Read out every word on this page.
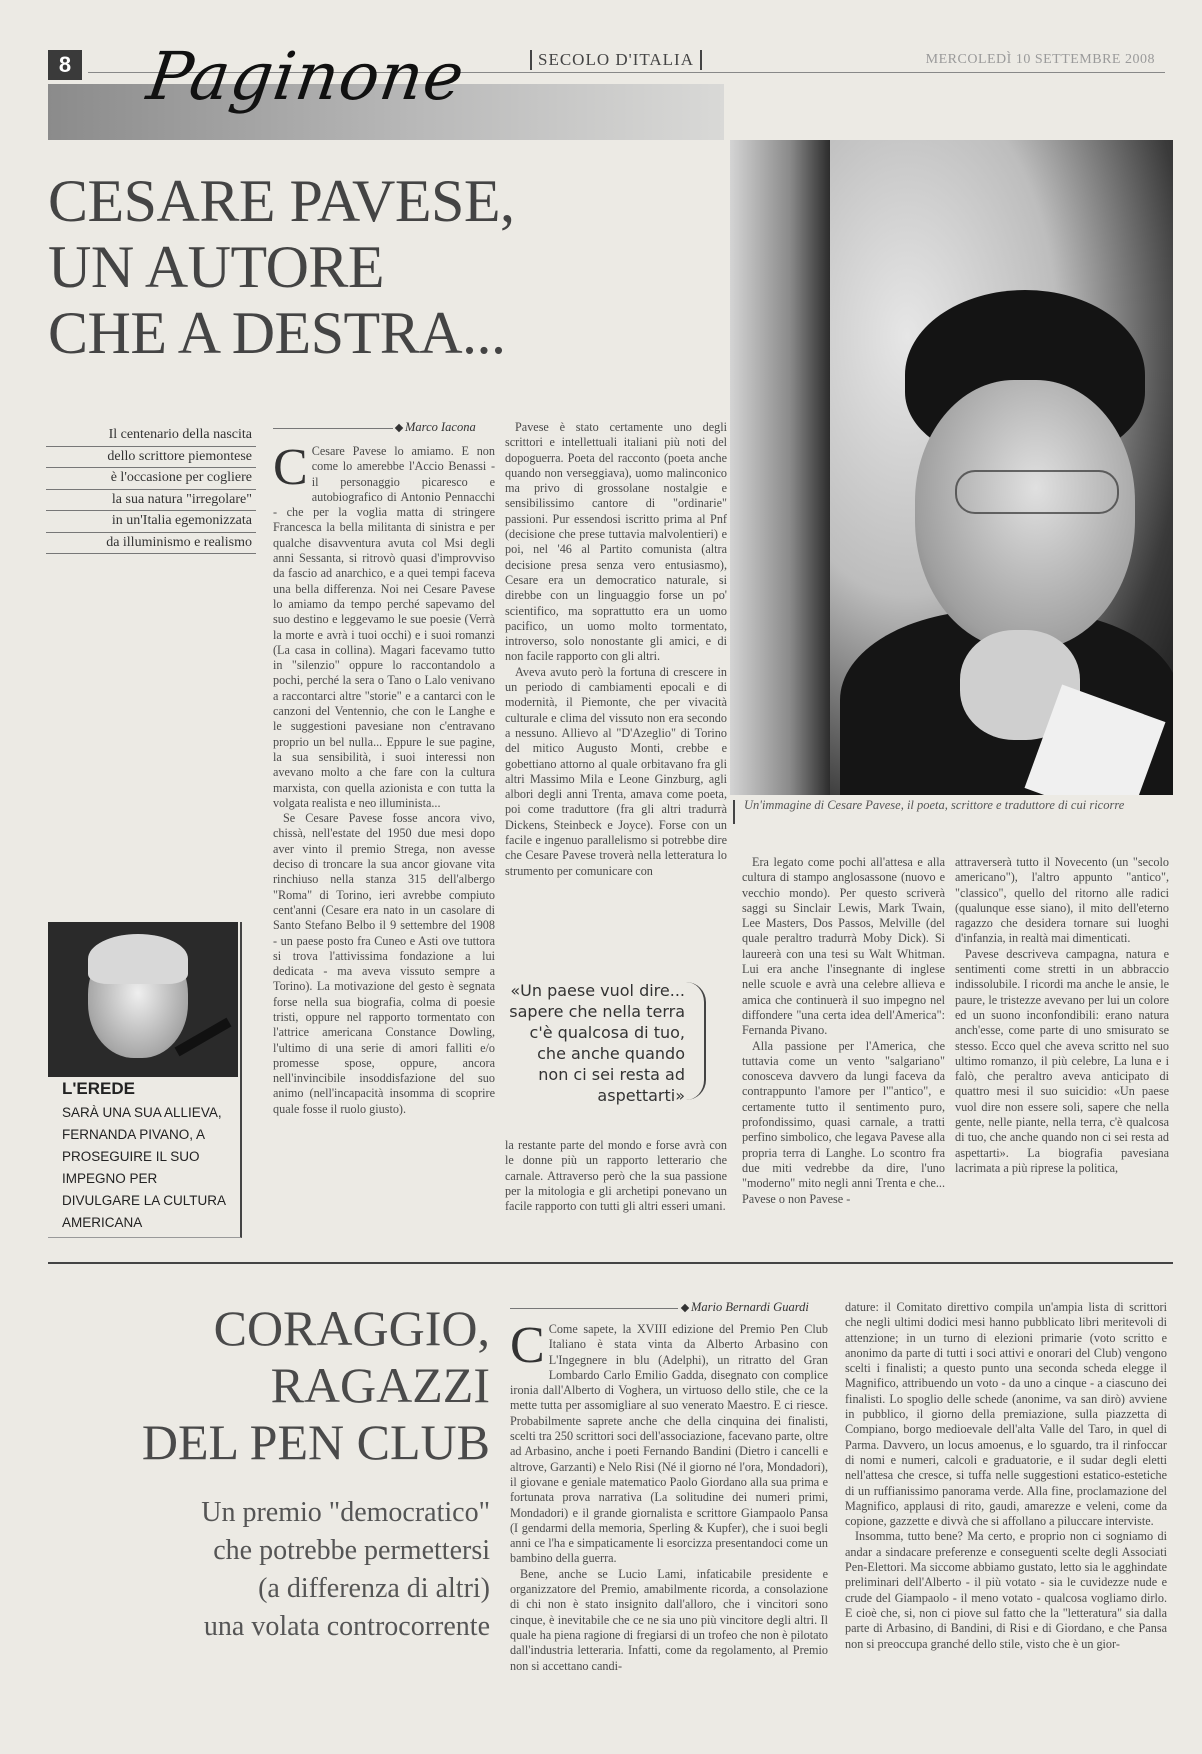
8	SECOLO D'ITALIA	MERCOLEDÌ 10 SETTEMBRE 2008
Paginone
CESARE PAVESE,
UN AUTORE
CHE A DESTRA...
Un'immagine di Cesare Pavese, il poeta, scrittore e traduttore di cui ricorre
Il centenario della nascita
dello scrittore piemontese
è l'occasione per cogliere
la sua natura "irregolare"
in un'Italia egemonizzata
da illuminismo e realismo
Marco Iacona

C Cesare Pavese lo amiamo. E non come lo amerebbe l'Accio Benassi - il personaggio picaresco e autobiografico di Antonio Pennacchi - che per la voglia matta di stringere Francesca la bella militanta di sinistra e per qualche disavventura avuta col Msi degli anni Sessanta, si ritrovò quasi d'improvviso da fascio ad anarchico, e a quei tempi faceva una bella differenza. Noi nei Cesare Pavese lo amiamo da tempo perché sapevamo del suo destino e leggevamo le sue poesie (Verrà la morte e avrà i tuoi occhi) e i suoi romanzi (La casa in collina). Magari facevamo tutto in "silenzio" oppure lo raccontandolo a pochi, perché la sera o Tano o Lalo venivano a raccontarci altre "storie" e a cantarci con le canzoni del Ventennio, che con le Langhe e le suggestioni pavesiane non c'entravano proprio un bel nulla... Eppure le sue pagine, la sua sensibilità, i suoi interessi non avevano molto a che fare con la cultura marxista, con quella azionista e con tutta la volgata realista e neo illuminista...

Se Cesare Pavese fosse ancora vivo, chissà, nell'estate del 1950 due mesi dopo aver vinto il premio Strega, non avesse deciso di troncare la sua ancor giovane vita rinchiuso nella stanza 315 dell'albergo "Roma" di Torino, ieri avrebbe compiuto cent'anni (Cesare era nato in un casolare di Santo Stefano Belbo il 9 settembre del 1908 - un paese posto fra Cuneo e Asti ove tuttora si trova l'attivissima fondazione a lui dedicata - ma aveva vissuto sempre a Torino). La motivazione del gesto è segnata forse nella sua biografia, colma di poesie tristi, oppure nel rapporto tormentato con l'attrice americana Constance Dowling, l'ultimo di una serie di amori falliti e/o promesse spose, oppure, ancora nell'invincibile insoddisfazione del suo animo (nell'incapacità insomma di scoprire quale fosse il ruolo giusto).

Pavese è stato certamente uno degli scrittori e intellettuali italiani più noti del dopoguerra. Poeta del racconto (poeta anche quando non verseggiava), uomo malinconico ma privo di grossolane nostalgie e sensibilissimo cantore di "ordinarie" passioni. Pur essendosi iscritto prima al Pnf (decisione che prese tuttavia malvolentieri) e poi, nel '46 al Partito comunista (altra decisione presa senza vero entusiasmo), Cesare era un democratico naturale, si direbbe con un linguaggio forse un po' scientifico, ma soprattutto era un uomo pacifico, un uomo molto tormentato, introverso, solo nonostante gli amici, e di non facile rapporto con gli altri.

Aveva avuto però la fortuna di crescere in un periodo di cambiamenti epocali e di modernità, il Piemonte, che per vivacità culturale e clima del vissuto non era secondo a nessuno. Allievo al "D'Azeglio" di Torino del mitico Augusto Monti, crebbe e gobettiano attorno al quale orbitavano fra gli altri Massimo Mila e Leone Ginzburg, agli albori degli anni Trenta, amava come poeta, poi come traduttore (fra gli altri tradurrà Dickens, Steinbeck e Joyce). Forse con un facile e ingenuo parallelismo si potrebbe dire che Cesare Pavese troverà nella letteratura lo strumento per comunicare con

«Un paese vuol dire... sapere che nella terra c'è qualcosa di tuo, che anche quando non ci sei resta ad aspettarti»

la restante parte del mondo e forse avrà con le donne più un rapporto letterario che carnale. Attraverso però che la sua passione per la mitologia e gli archetipi ponevano un facile rapporto con tutti gli altri esseri umani.

Era legato come pochi all'attesa e alla cultura di stampo anglosassone (nuovo e vecchio mondo). Per questo scriverà saggi su Sinclair Lewis, Mark Twain, Lee Masters, Dos Passos, Melville (del quale peraltro tradurrà Moby Dick). Si laureerà con una tesi su Walt Whitman. Lui era anche l'insegnante di inglese nelle scuole e avrà una celebre allieva e amica che continuerà il suo impegno nel diffondere "una certa idea dell'America": Fernanda Pivano.

Alla passione per l'America, che tuttavia come un vento "salgariano" conosceva davvero da lungi faceva da contrappunto l'amore per l'"antico", e certamente tutto il sentimento puro, profondissimo, quasi carnale, a tratti perfino simbolico, che legava Pavese alla propria terra di Langhe. Lo scontro fra due miti vedrebbe da dire, l'uno "moderno" mito negli anni Trenta e che... Pavese o non Pavese -

attraverserà tutto il Novecento (un "secolo americano"), l'altro appunto "antico", "classico", quello del ritorno alle radici (qualunque esse siano), il mito dell'eterno ragazzo che desidera tornare sui luoghi d'infanzia, in realtà mai dimenticati.

Pavese descriveva campagna, natura e sentimenti come stretti in un abbraccio indissolubile. I ricordi ma anche le ansie, le paure, le tristezze avevano per lui un colore ed un suono inconfondibili: erano natura anch'esse, come parte di uno smisurato se stesso. Ecco quel che aveva scritto nel suo ultimo romanzo, il più celebre, La luna e i falò, che peraltro aveva anticipato di quattro mesi il suo suicidio: «Un paese vuol dire non essere soli, sapere che nella gente, nelle piante, nella terra, c'è qualcosa di tuo, che anche quando non ci sei resta ad aspettarti». La biografia pavesiana lacrimata a più riprese la politica,

L'EREDE
SARÀ UNA SUA ALLIEVA, FERNANDA PIVANO, A PROSEGUIRE IL SUO IMPEGNO PER DIVULGARE LA CULTURA AMERICANA
CORAGGIO,
RAGAZZI
DEL PEN CLUB
Un premio "democratico"
che potrebbe permettersi
(a differenza di altri)
una volata controcorrente
Mario Bernardi Guardi

C Come sapete, la XVIII edizione del Premio Pen Club Italiano è stata vinta da Alberto Arbasino con L'Ingegnere in blu (Adelphi), un ritratto del Gran Lombardo Carlo Emilio Gadda, disegnato con complice ironia dall'Alberto di Voghera, un virtuoso dello stile, che ce la mette tutta per assomigliare al suo venerato Maestro. E ci riesce. Probabilmente saprete anche che della cinquina dei finalisti, scelti tra 250 scrittori soci dell'associazione, facevano parte, oltre ad Arbasino, anche i poeti Fernando Bandini (Dietro i cancelli e altrove, Garzanti) e Nelo Risi (Né il giorno né l'ora, Mondadori), il giovane e geniale matematico Paolo Giordano alla sua prima e fortunata prova narrativa (La solitudine dei numeri primi, Mondadori) e il grande giornalista e scrittore Giampaolo Pansa (I gendarmi della memoria, Sperling & Kupfer), che i suoi begli anni ce l'ha e simpaticamente li esorcizza presentandoci come un bambino della guerra.

Bene, anche se Lucio Lami, infaticabile presidente e organizzatore del Premio, amabilmente ricorda, a consolazione di chi non è stato insignito dall'alloro, che i vincitori sono cinque, è inevitabile che ce ne sia uno più vincitore degli altri. Il quale ha piena ragione di fregiarsi di un trofeo che non è pilotato dall'industria letteraria. Infatti, come da regolamento, al Premio non si accettano candi-

dature: il Comitato direttivo compila un'ampia lista di scrittori che negli ultimi dodici mesi hanno pubblicato libri meritevoli di attenzione; in un turno di elezioni primarie (voto scritto e anonimo da parte di tutti i soci attivi e onorari del Club) vengono scelti i finalisti; a questo punto una seconda scheda elegge il Magnifico, attribuendo un voto - da uno a cinque - a ciascuno dei finalisti. Lo spoglio delle schede (anonime, va san dirò) avviene in pubblico, il giorno della premiazione, sulla piazzetta di Compiano, borgo medioevale dell'alta Valle del Taro, in quel di Parma. Davvero, un locus amoenus, e lo sguardo, tra il rinfoccar di nomi e numeri, calcoli e graduatorie, e il sudar degli eletti nell'attesa che cresce, si tuffa nelle suggestioni estatico-estetiche di un ruffianissimo panorama verde. Alla fine, proclamazione del Magnifico, applausi di rito, gaudi, amarezze e veleni, come da copione, gazzette e divvà che si affollano a piluccare interviste.

Insomma, tutto bene? Ma certo, e proprio non ci sogniamo di andar a sindacare preferenze e conseguenti scelte degli Associati Pen-Elettori. Ma siccome abbiamo gustato, letto sia le agghindate preliminari dell'Alberto - il più votato - sia le cuvidezze nude e crude del Giampaolo - il meno votato - qualcosa vogliamo dirlo. E cioè che, si, non ci piove sul fatto che la "letteratura" sia dalla parte di Arbasino, di Bandini, di Risi e di Giordano, e che Pansa non si preoccupa granché dello stile, visto che è un gior-
